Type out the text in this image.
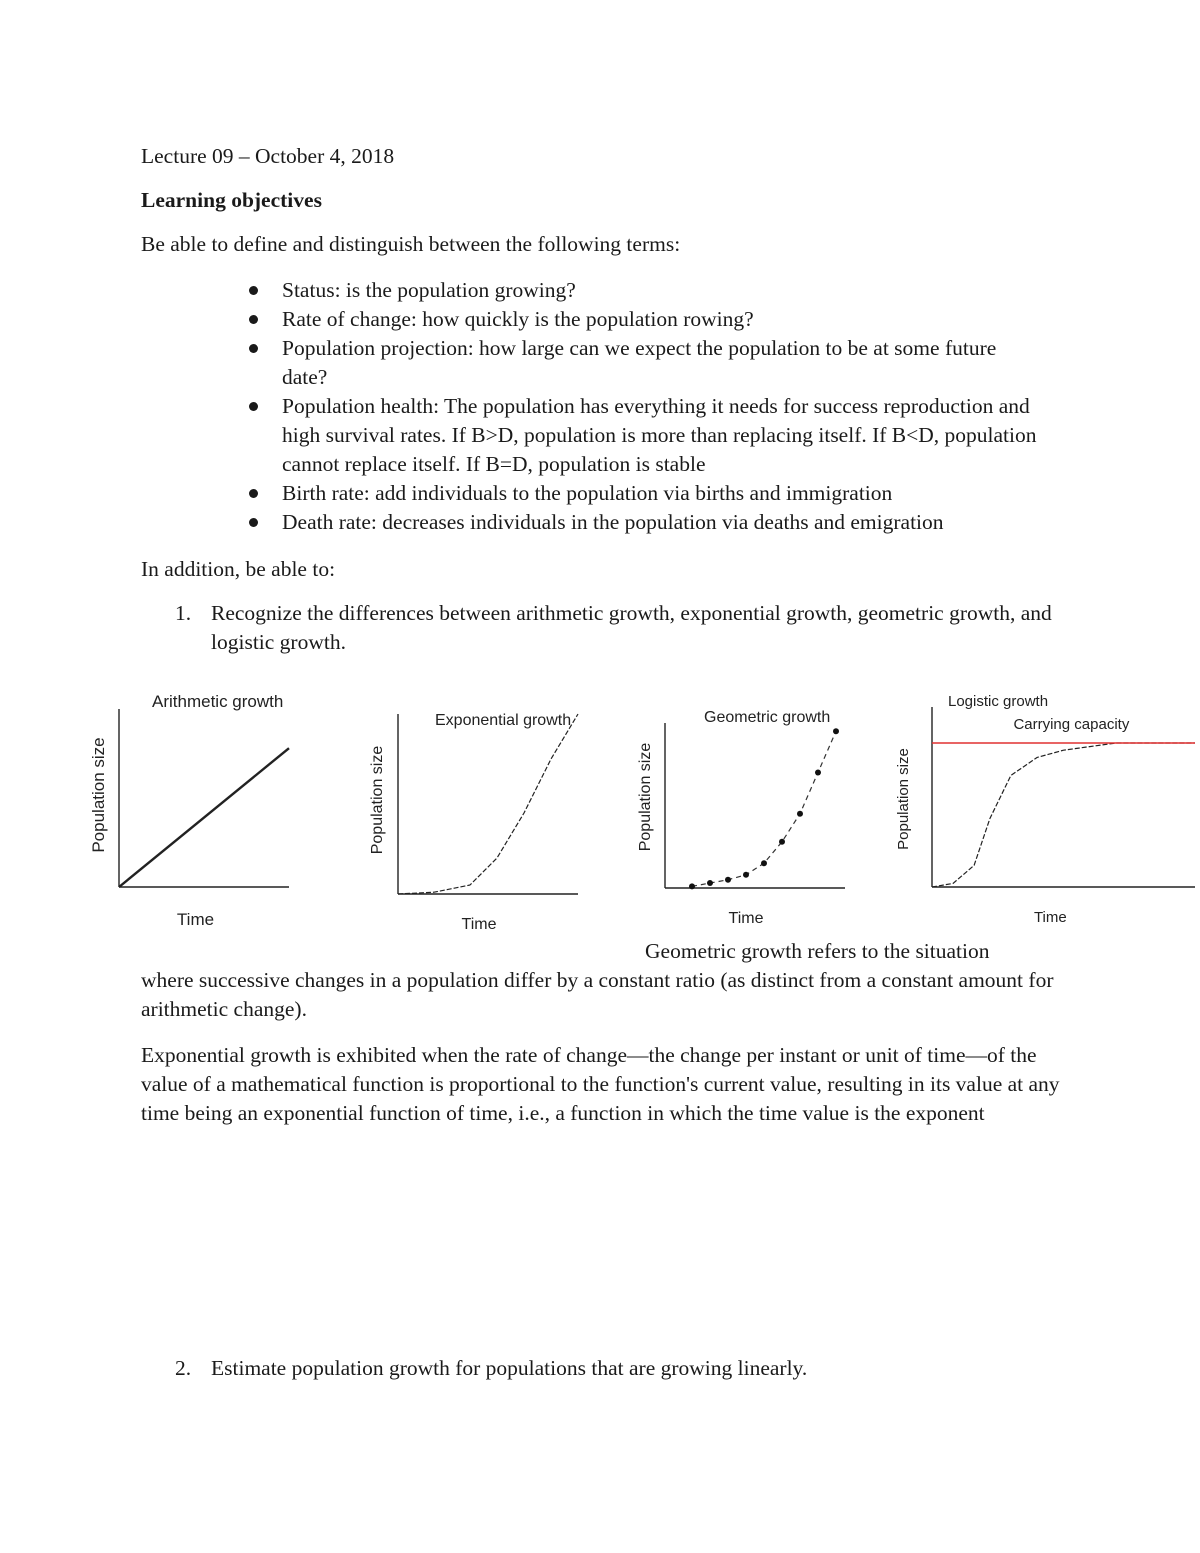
Lecture 09 – October 4, 2018
Learning objectives
Be able to define and distinguish between the following terms:
Status: is the population growing?
Rate of change: how quickly is the population rowing?
Population projection: how large can we expect the population to be at some future date?
Population health: The population has everything it needs for success reproduction and high survival rates. If B>D, population is more than replacing itself. If B<D, population cannot replace itself. If B=D, population is stable
Birth rate: add individuals to the population via births and immigration
Death rate: decreases individuals in the population via deaths and emigration
In addition, be able to:
1. Recognize the differences between arithmetic growth, exponential growth, geometric growth, and logistic growth.
Arithmetic growth
Time
Population size
Exponential growth
Time
Population size
Geometric growth
Time
Population size
Logistic growth
Time
Population size
Carrying capacity
Geometric growth refers to the situation
where successive changes in a population differ by a constant ratio (as distinct from a constant amount for arithmetic change).
Exponential growth is exhibited when the rate of change—the change per instant or unit of time—of the value of a mathematical function is proportional to the function's current value, resulting in its value at any time being an exponential function of time, i.e., a function in which the time value is the exponent
2. Estimate population growth for populations that are growing linearly.
